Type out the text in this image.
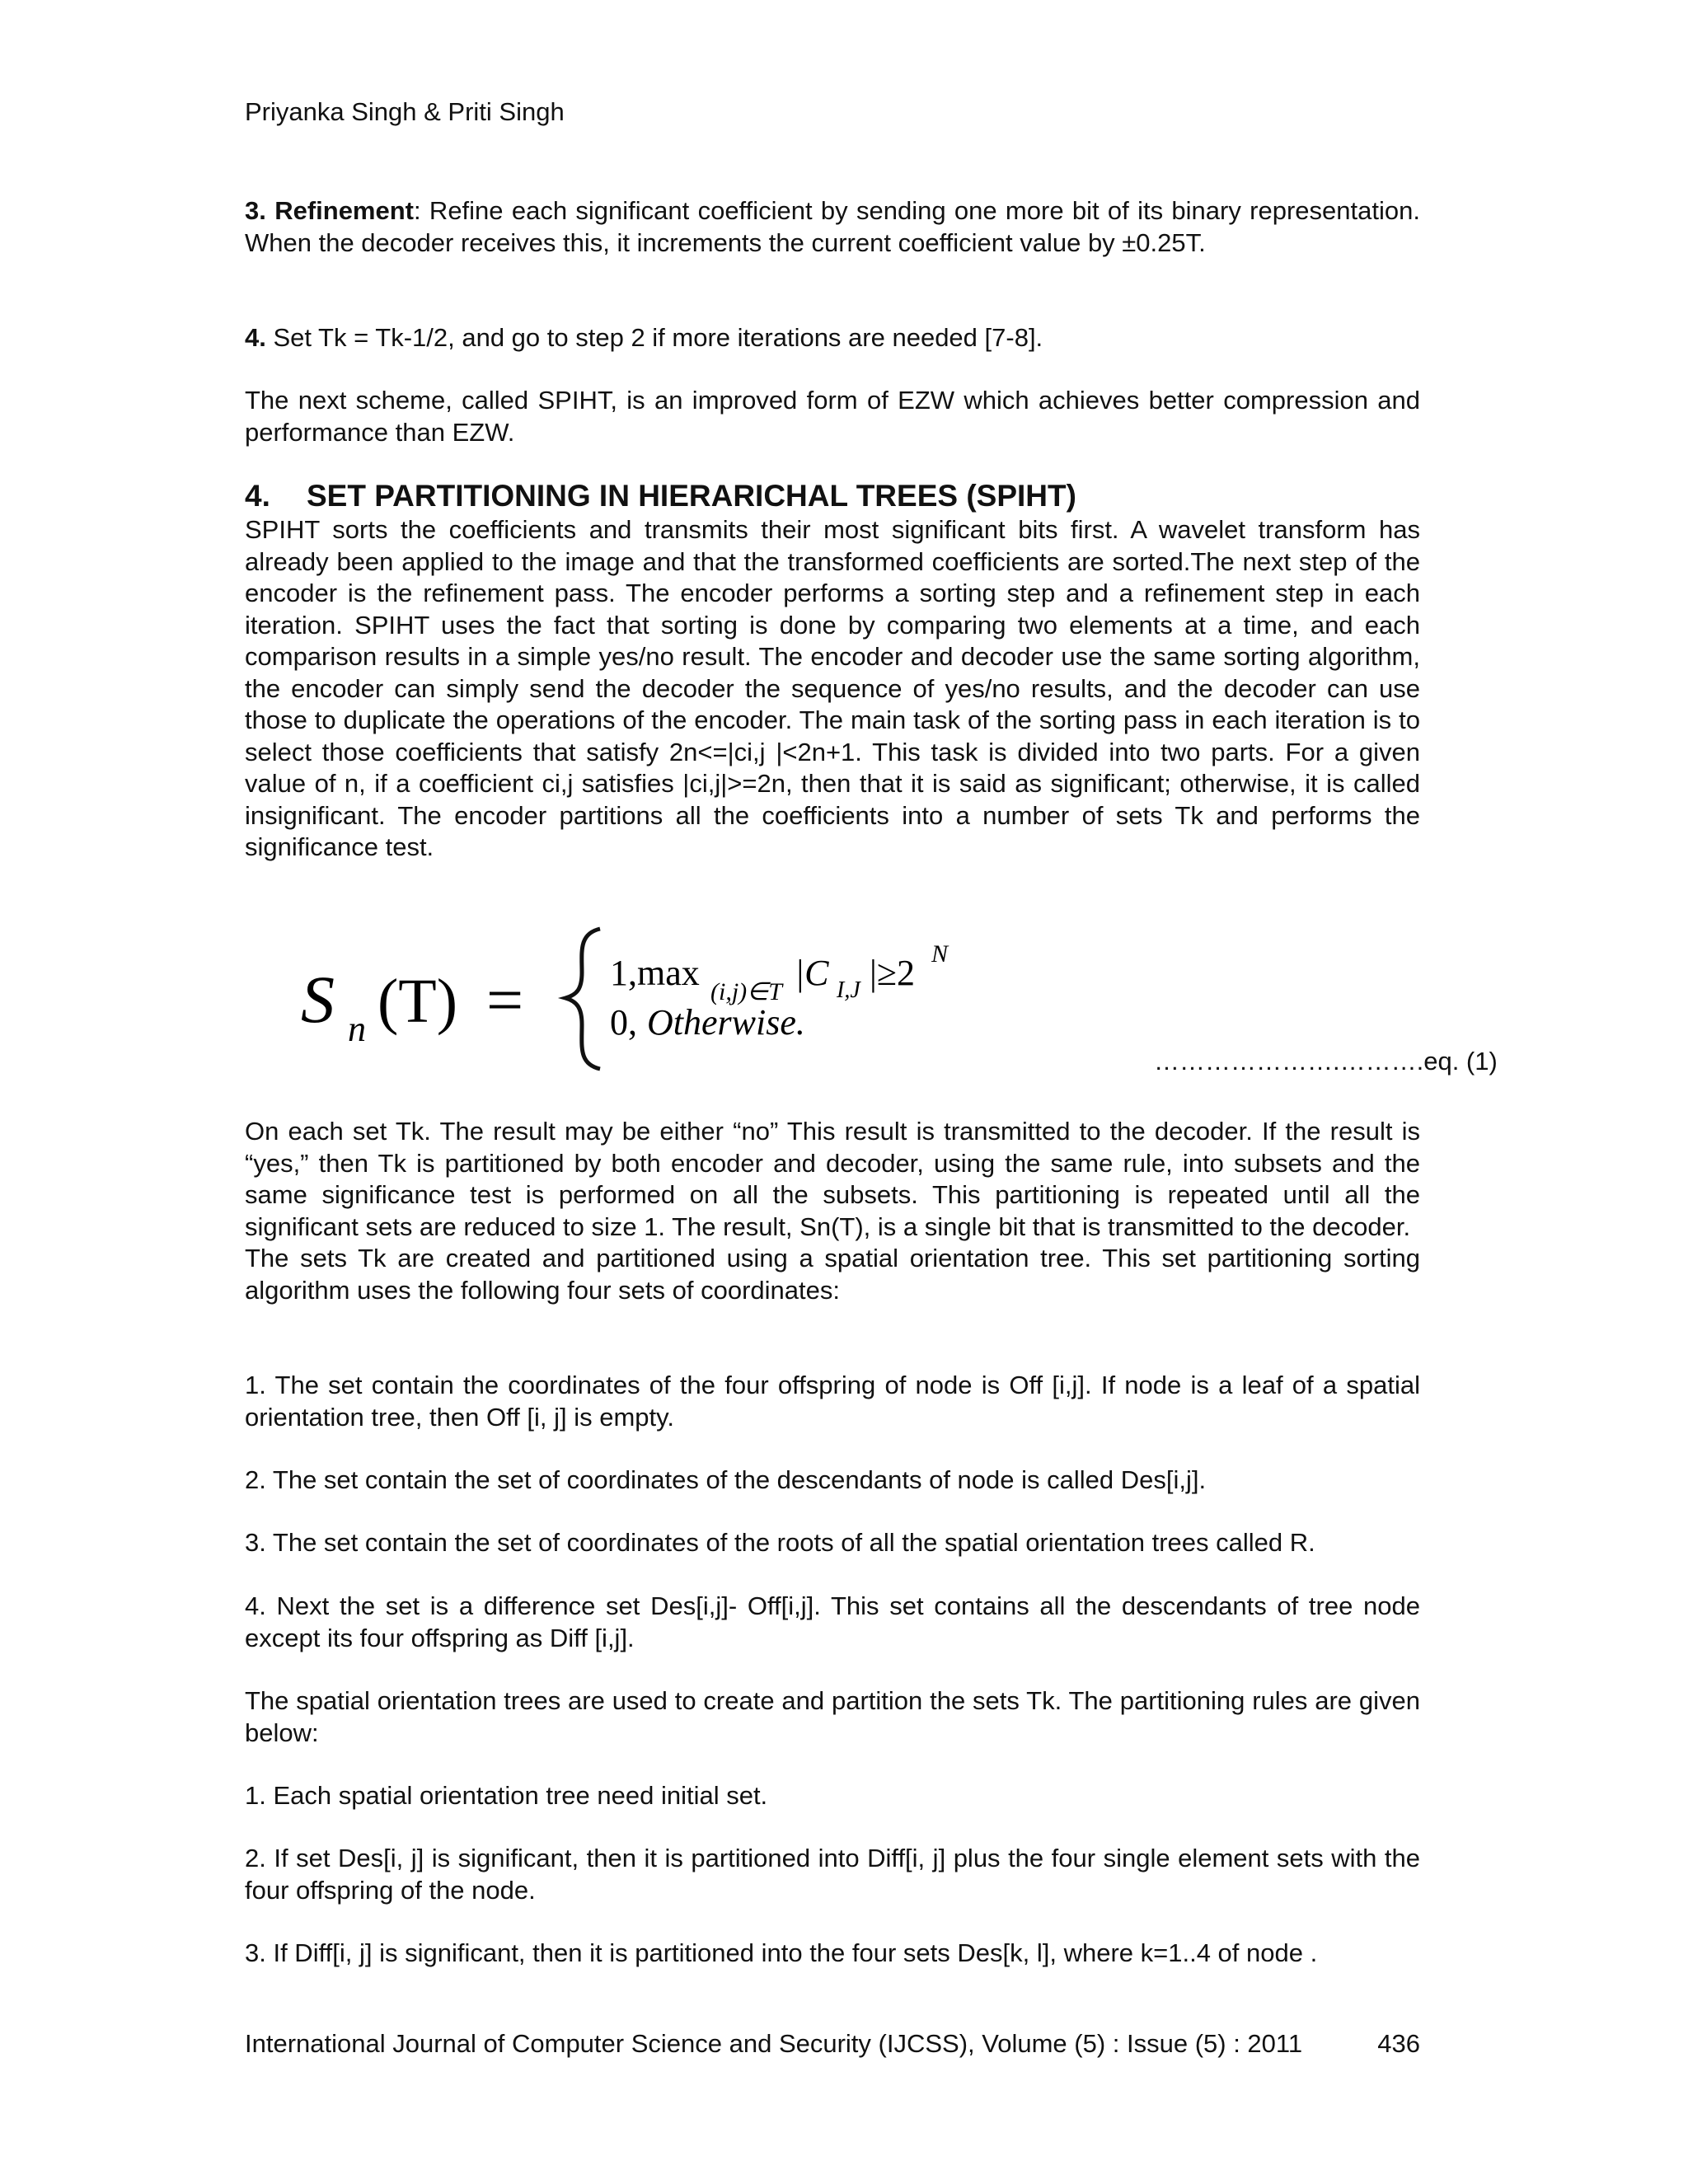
Priyanka Singh & Priti Singh

3. Refinement: Refine each significant coefficient by sending one more bit of its binary representation. When the decoder receives this, it increments the current coefficient value by ±0.25T.

4. Set Tk = Tk-1/2, and go to step 2 if more iterations are needed [7-8].

The next scheme, called SPIHT, is an improved form of EZW which achieves better compression and performance than EZW.

4. SET PARTITIONING IN HIERARICHAL TREES (SPIHT)

SPIHT sorts the coefficients and transmits their most significant bits first. A wavelet transform has already been applied to the image and that the transformed coefficients are sorted.The next step of the encoder is the refinement pass. The encoder performs a sorting step and a refinement step in each iteration. SPIHT uses the fact that sorting is done by comparing two elements at a time, and each comparison results in a simple yes/no result. The encoder and decoder use the same sorting algorithm, the encoder can simply send the decoder the sequence of yes/no results, and the decoder can use those to duplicate the operations of the encoder. The main task of the sorting pass in each iteration is to select those coefficients that satisfy 2n<=|ci,j |<2n+1. This task is divided into two parts. For a given value of n, if a coefficient ci,j satisfies |ci,j|>=2n, then that it is said as significant; otherwise, it is called insignificant. The encoder partitions all the coefficients into a number of sets Tk and performs the significance test.

S n (T) = 1,max (i,j)∈T |C I,J |≥2 N
0, Otherwise.
………………….……….eq. (1)

On each set Tk. The result may be either “no” This result is transmitted to the decoder. If the result is “yes,” then Tk is partitioned by both encoder and decoder, using the same rule, into subsets and the same significance test is performed on all the subsets. This partitioning is repeated until all the significant sets are reduced to size 1. The result, Sn(T), is a single bit that is transmitted to the decoder.

The sets Tk are created and partitioned using a spatial orientation tree. This set partitioning sorting algorithm uses the following four sets of coordinates:

1. The set contain the coordinates of the four offspring of node is Off [i,j]. If node is a leaf of a spatial orientation tree, then Off [i, j] is empty.

2. The set contain the set of coordinates of the descendants of node is called Des[i,j].

3. The set contain the set of coordinates of the roots of all the spatial orientation trees called R.

4. Next the set is a difference set Des[i,j]- Off[i,j]. This set contains all the descendants of tree node except its four offspring as Diff [i,j].

The spatial orientation trees are used to create and partition the sets Tk. The partitioning rules are given below:

1. Each spatial orientation tree need initial set.

2. If set Des[i, j] is significant, then it is partitioned into Diff[i, j] plus the four single element sets with the four offspring of the node.

3. If Diff[i, j] is significant, then it is partitioned into the four sets Des[k, l], where k=1..4 of node .

International Journal of Computer Science and Security (IJCSS), Volume (5) : Issue (5) : 2011	436
